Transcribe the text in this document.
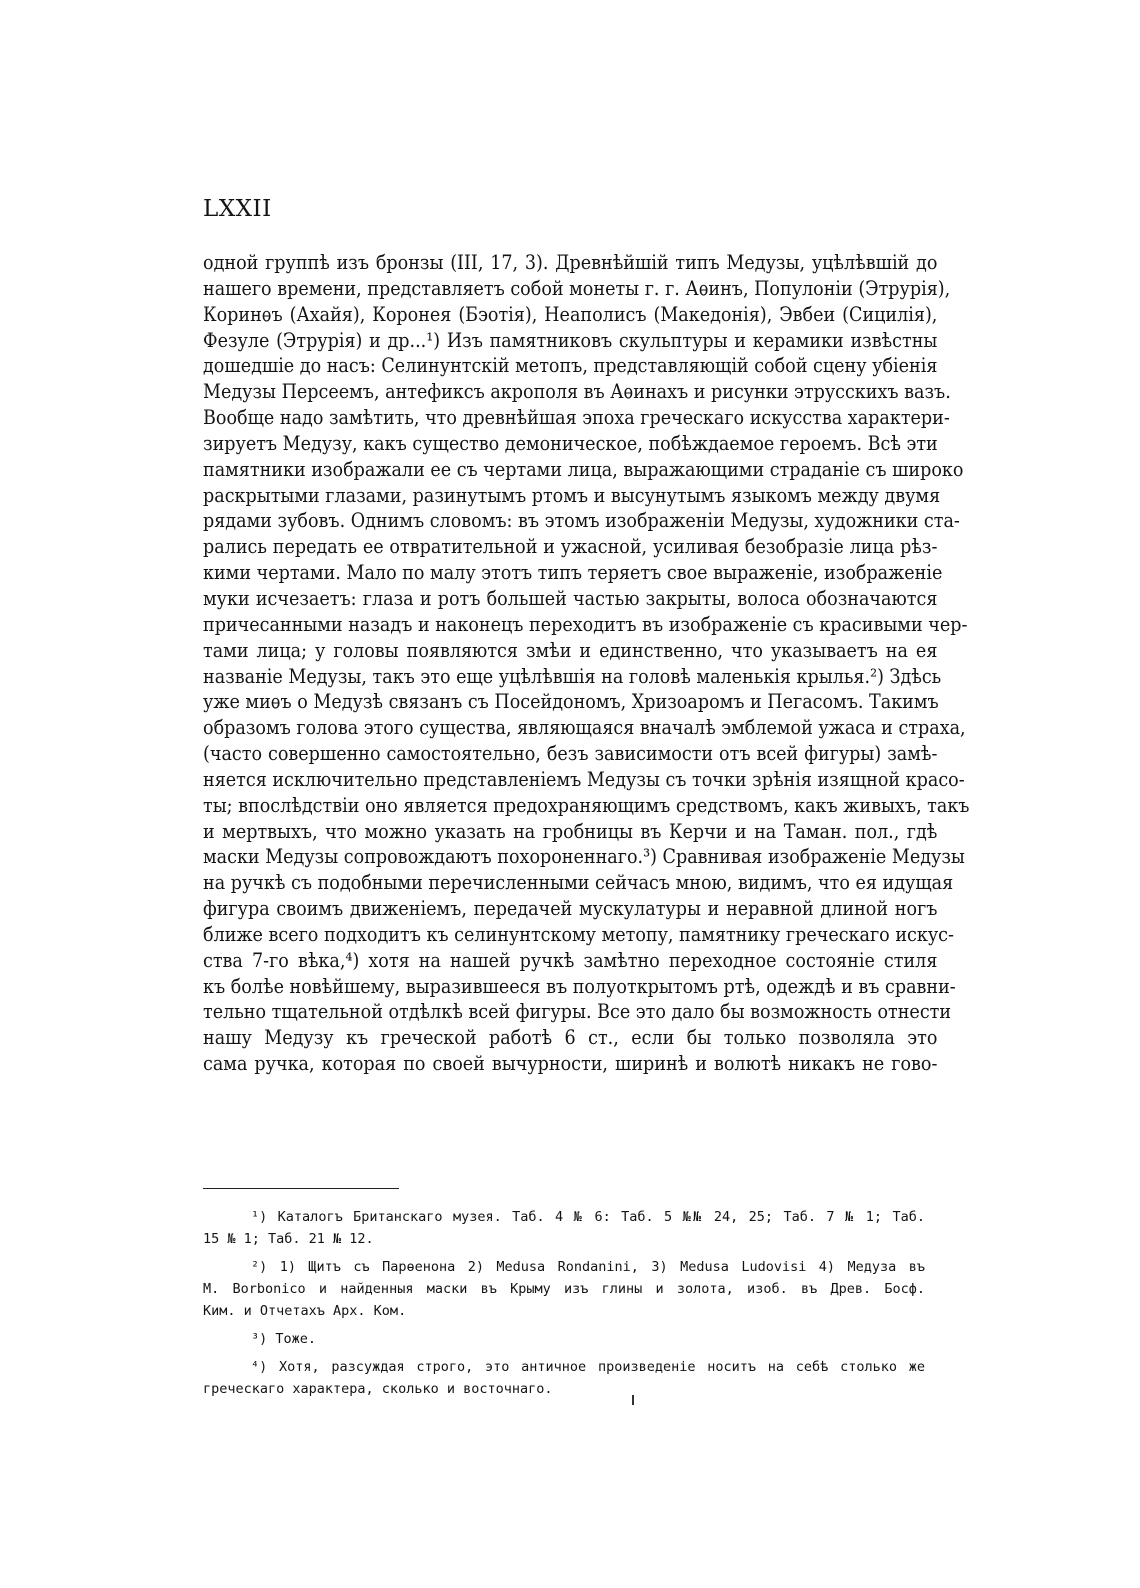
LXXII

одной группѣ изъ бронзы (III, 17, 3). Древнѣйшій типъ Медузы, уцѣлѣвшій до
нашего времени, представляетъ собой монеты г. г. Аѳинъ, Популоніи (Этрурія),
Коринѳъ (Ахайя), Коронея (Бэотія), Неаполисъ (Македонія), Эвбеи (Сицилія),
Фезуле (Этрурія) и др...¹) Изъ памятниковъ скульптуры и керамики извѣстны
дошедшіе до насъ: Селинунтскій метопъ, представляющій собой сцену убіенія
Медузы Персеемъ, антефиксъ акрополя въ Аѳинахъ и рисунки этрусскихъ вазъ.
Вообще надо замѣтить, что древнѣйшая эпоха греческаго искусства характери-
зируетъ Медузу, какъ существо демоническое, побѣждаемое героемъ. Всѣ эти
памятники изображали ее съ чертами лица, выражающими страданіе съ широко
раскрытыми глазами, разинутымъ ртомъ и высунутымъ языкомъ между двумя
рядами зубовъ. Однимъ словомъ: въ этомъ изображеніи Медузы, художники ста-
рались передать ее отвратительной и ужасной, усиливая безобразіе лица рѣз-
кими чертами. Мало по малу этотъ типъ теряетъ свое выраженіе, изображеніе
муки исчезаетъ: глаза и ротъ большей частью закрыты, волоса обозначаются
причесанными назадъ и наконецъ переходитъ въ изображеніе съ красивыми чер-
тами лица; у головы появляются змѣи и единственно, что указываетъ на ея
названіе Медузы, такъ это еще уцѣлѣвшія на головѣ маленькія крылья.²) Здѣсь
уже миѳъ о Медузѣ связанъ съ Посейдономъ, Хризоаромъ и Пегасомъ. Такимъ
образомъ голова этого существа, являющаяся вначалѣ эмблемой ужаса и страха,
(часто совершенно самостоятельно, безъ зависимости отъ всей фигуры) замѣ-
няется исключительно представленіемъ Медузы съ точки зрѣнія изящной красо-
ты; впослѣдствіи оно является предохраняющимъ средствомъ, какъ живыхъ, такъ
и мертвыхъ, что можно указать на гробницы въ Керчи и на Таман. пол., гдѣ
маски Медузы сопровождаютъ похороненнаго.³) Сравнивая изображеніе Медузы
на ручкѣ съ подобными перечисленными сейчасъ мною, видимъ, что ея идущая
фигура своимъ движеніемъ, передачей мускулатуры и неравной длиной ногъ
ближе всего подходитъ къ селинунтскому метопу, памятнику греческаго искус-
ства 7-го вѣка,⁴) хотя на нашей ручкѣ замѣтно переходное состояніе стиля
къ болѣе новѣйшему, выразившееся въ полуоткрытомъ ртѣ, одеждѣ и въ сравни-
тельно тщательной отдѣлкѣ всей фигуры. Все это дало бы возможность отнести
нашу Медузу къ греческой работѣ 6 ст., если бы только позволяла это
сама ручка, которая по своей вычурности, ширинѣ и волютѣ никакъ не гово-
¹) Каталогъ Британскаго музея. Таб. 4 № 6: Таб. 5 №№ 24, 25; Таб. 7 № 1; Таб.
15 № 1; Таб. 21 № 12.
²) 1) Щитъ съ Парѳенона 2) Medusa Rondanini, 3) Medusa Ludovisi 4) Медуза въ
M. Borbonico и найденныя маски въ Крыму изъ глины и золота, изоб. въ Древ. Босф.
Ким. и Отчетахъ Арх. Ком.
³) Тоже.
⁴) Хотя, разсуждая строго, это античное произведеніе носитъ на себѣ столько же
греческаго характера, сколько и восточнаго.
